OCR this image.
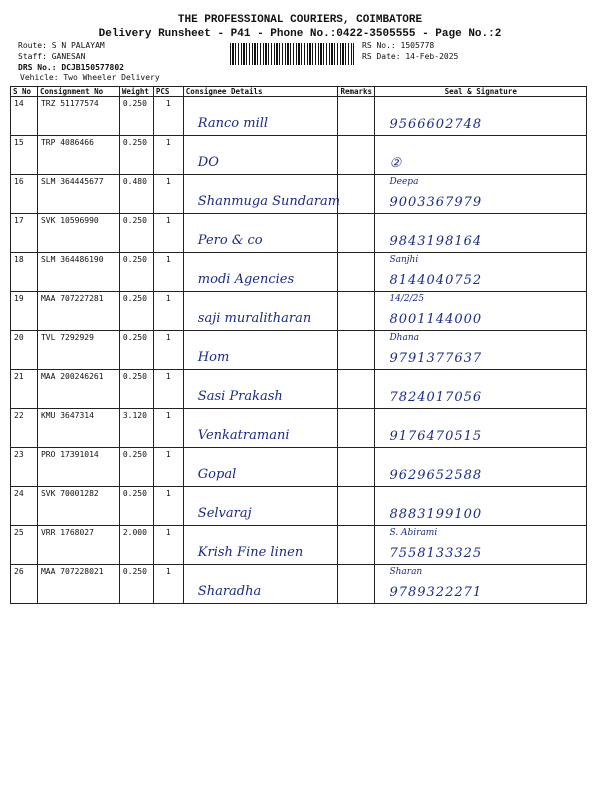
THE PROFESSIONAL COURIERS, COIMBATORE
Delivery Runsheet - P41 - Phone No.:0422-3505555 - Page No.:2
Route: S N PALAYAM
Staff: GANESAN
DRS No.: DCJB150577802
RS No.: 1505778
RS Date: 14-Feb-2025
Vehicle: Two Wheeler Delivery
S No	Consignment No	Weight	PCS	Consignee Details	Remarks	Seal & Signature
14	TRZ 51177574	0.250	1	Ranco mill		9566602748

15	TRP 4086466	0.250	1	DO		②

16	SLM 364445677	0.480	1	Shanmuga Sundaram		Deepa
9003367979

17	SVK 10596990	0.250	1	Pero & co		9843198164

18	SLM 364486190	0.250	1	modi Agencies		Sanjhi
8144040752

19	MAA 707227281	0.250	1	saji muralitharan		14/2/25
8001144000

20	TVL 7292929	0.250	1	Hom		Dhana
9791377637

21	MAA 200246261	0.250	1	Sasi Prakash		7824017056

22	KMU 3647314	3.120	1	Venkatramani		9176470515

23	PRO 17391014	0.250	1	Gopal		9629652588

24	SVK 70001282	0.250	1	Selvaraj		8883199100

25	VRR 1768027	2.000	1	Krish Fine linen		S. Abirami
7558133325

26	MAA 707228021	0.250	1	Sharadha		Sharan
9789322271
